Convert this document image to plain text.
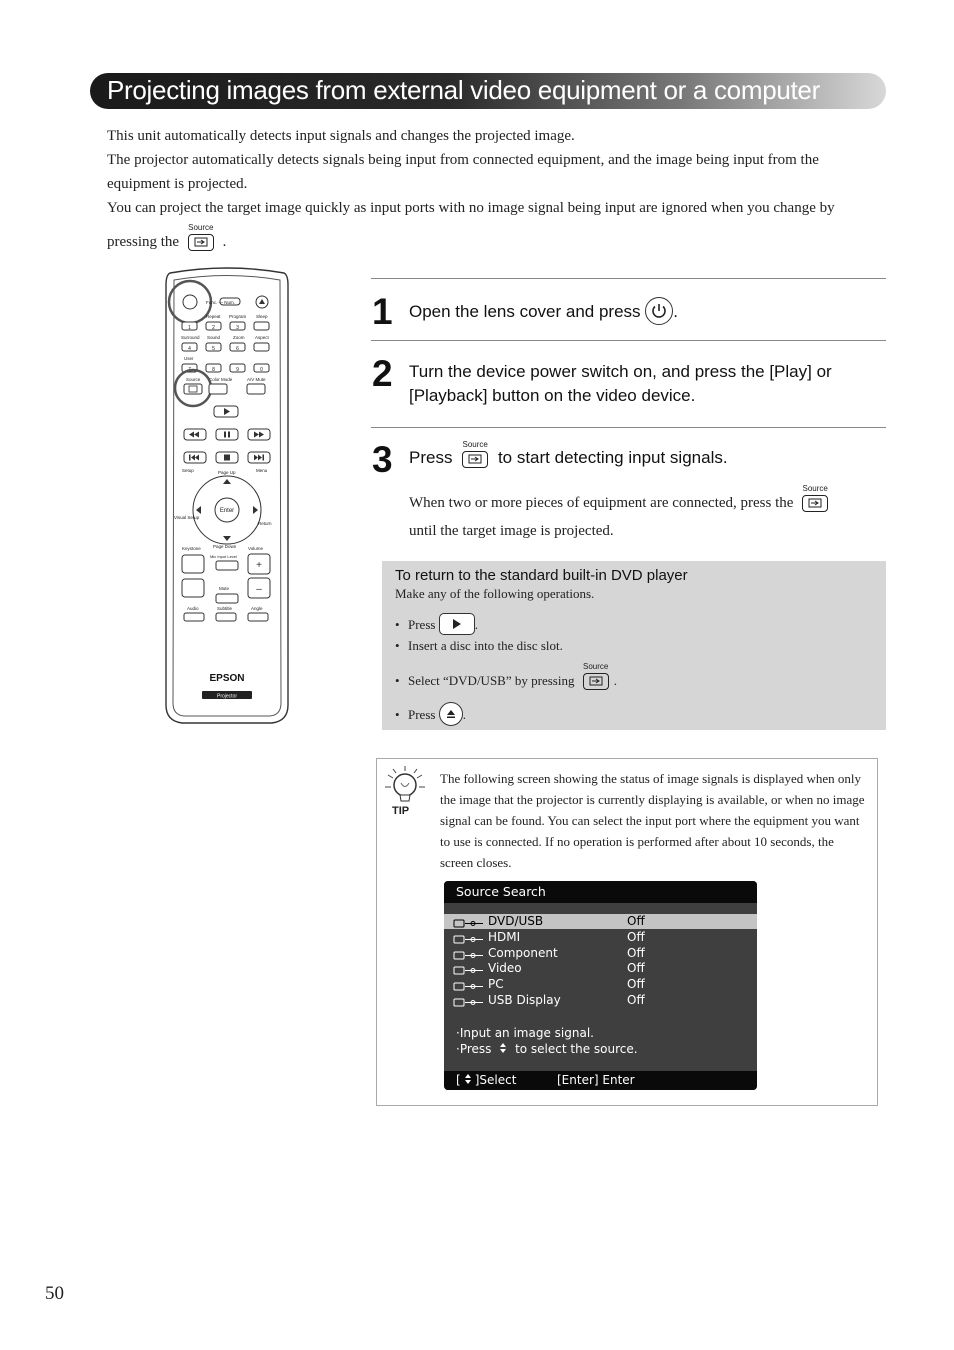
Projecting images from external video equipment or a computer

This unit automatically detects input signals and changes the projected image.

The projector automatically detects signals being input from connected equipment, and the image being input from the equipment is projected.

You can project the target image quickly as input ports with no image signal being input are ignored when you change by

pressing the
Source
.

Func. — Num.
Repeat Program Sleep
1	2	3
4	5	6
7	8	9	0
Surround Sound	Zoom Aspect
User
Source Color Mode	A/V Mute
Setup	Page Up	Menu
Enter
Visual Setup
Return
Keystone	Page Down	Volume
Mic Input Level
+
–
Mute
Audio	Subtitle	Angle
EPSON
Projector
1 Open the lens cover and press .
2 Turn the device power switch on, and press the [Play] or [Playback] button on the video device.
3 Press
Source
to start detecting input signals.
When two or more pieces of equipment are connected, press the
Source

until the target image is projected.
To return to the standard built-in DVD player
Make any of the following operations.
• Press	.
• Insert a disc into the disc slot.
• Select “DVD/USB” by pressing
Source
.
• Press .
TIP
The following screen showing the status of image signals is displayed when only the image that the projector is currently displaying is available, or when no image signal can be found. You can select the input port where the equipment you want to use is connected. If no operation is performed after about 10 seconds, the screen closes.
Source Search
DVD/USB	Off
HDMI	Off
Component	Off
Video	Off
PC	Off
USB Display	Off
·Input an image signal.
·Press to select the source.
[ ]Select	[Enter] Enter
50
